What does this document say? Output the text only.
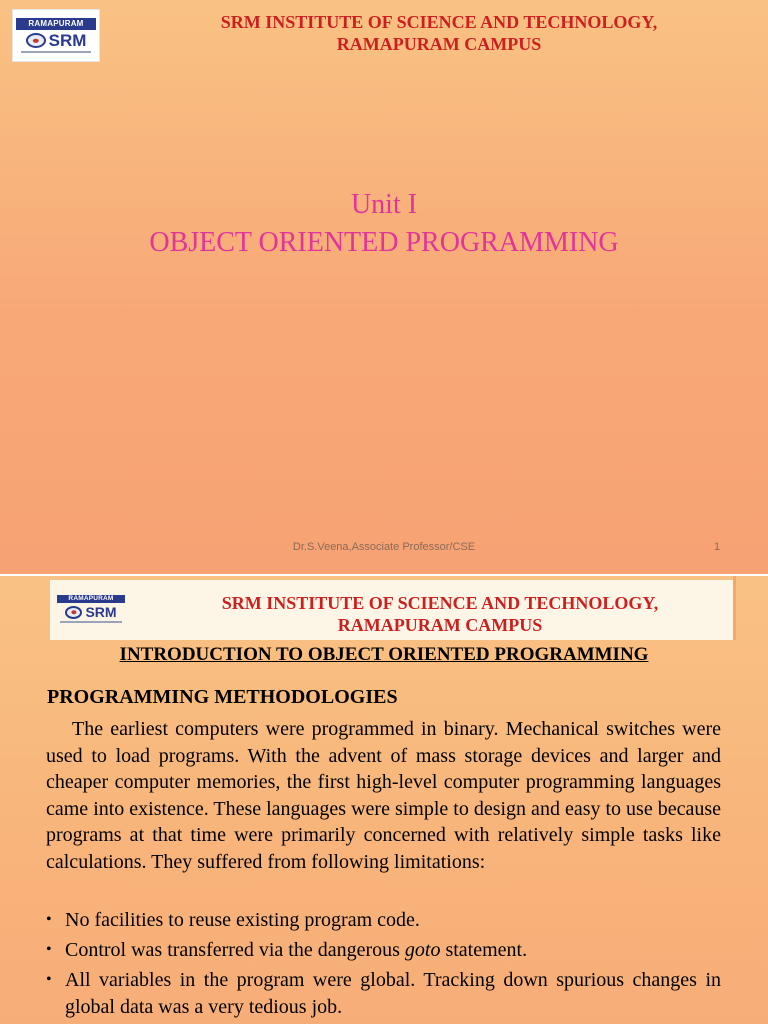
RAMAPURAM
SRM
SRM INSTITUTE OF SCIENCE AND TECHNOLOGY,
RAMAPURAM CAMPUS
Unit I
OBJECT ORIENTED PROGRAMMING
Dr.S.Veena,Associate Professor/CSE	1
RAMAPURAM
SRM	SRM INSTITUTE OF SCIENCE AND TECHNOLOGY,
RAMAPURAM CAMPUS
INTRODUCTION TO OBJECT ORIENTED PROGRAMMING
PROGRAMMING METHODOLOGIES

The earliest computers were programmed in binary. Mechanical switches were used to load programs. With the advent of mass storage devices and larger and cheaper computer memories, the first high-level computer programming languages came into existence. These languages were simple to design and easy to use because programs at that time were primarily concerned with relatively simple tasks like calculations. They suffered from following limitations:

• No facilities to reuse existing program code.
• Control was transferred via the dangerous goto statement.
• All variables in the program were global. Tracking down spurious changes in global data was a very tedious job.
